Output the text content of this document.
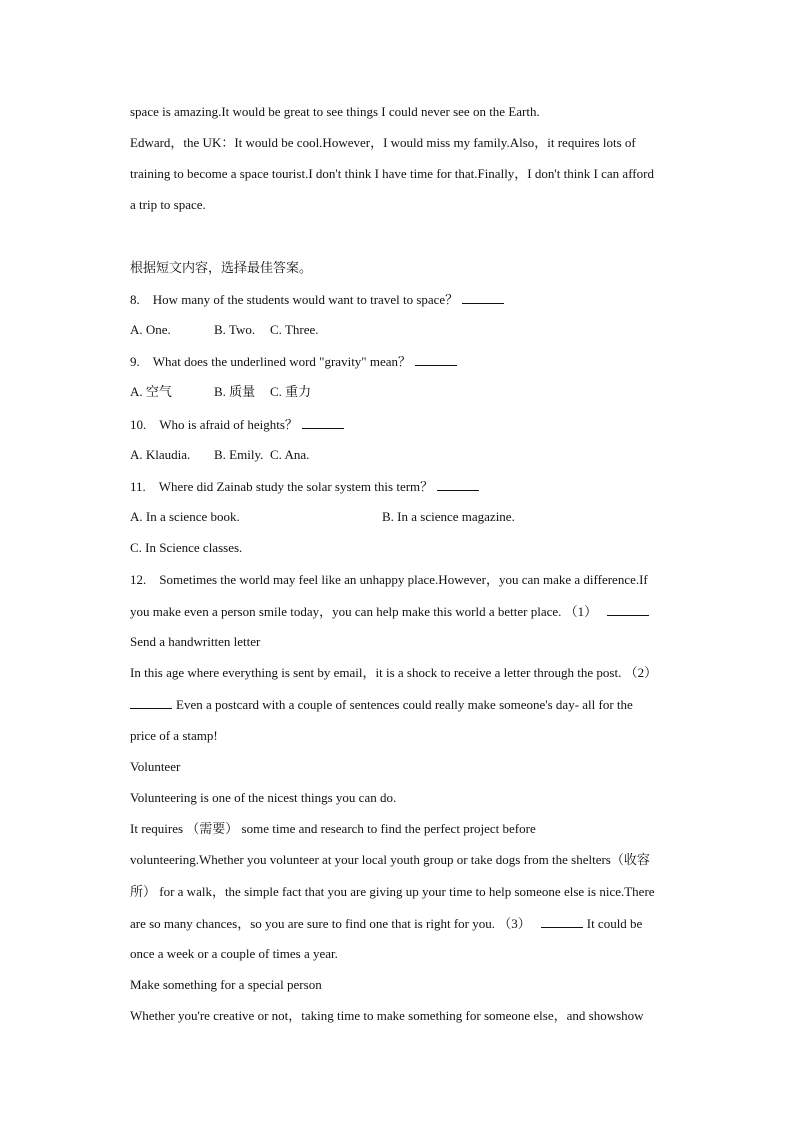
space is amazing.It would be great to see things I could never see on the Earth.
Edward，the UK：It would be cool.However，I would miss my family.Also，it requires lots of
training to become a space tourist.I don't think I have time for that.Finally，I don't think I can afford
a trip to space.
根据短文内容，选择最佳答案。
8.　How many of the students would want to travel to space？
A. One.	B. Two. C. Three.
9.　What does the underlined word "gravity" mean？
A. 空气	B. 质量 C. 重力
10.　Who is afraid of heights？
A. Klaudia. B. Emily. C. Ana.
11.　Where did Zainab study the solar system this term？
A. In a science book.	B. In a science magazine.
C. In Science classes.
12.　Sometimes the world may feel like an unhappy place.However，you can make a difference.If
you make even a person smile today，you can help make this world a better place. （1）
Send a handwritten letter
In this age where everything is sent by email，it is a shock to receive a letter through the post. （2）
Even a postcard with a couple of sentences could really make someone's day- all for the
price of a stamp!
Volunteer
Volunteering is one of the nicest things you can do.
It requires （需要） some time and research to find the perfect project before
volunteering.Whether you volunteer at your local youth group or take dogs from the shelters（收容
所） for a walk，the simple fact that you are giving up your time to help someone else is nice.There
are so many chances，so you are sure to find one that is right for you. （3）	It could be
once a week or a couple of times a year.
Make something for a special person
Whether you're creative or not，taking time to make something for someone else，and showshow
